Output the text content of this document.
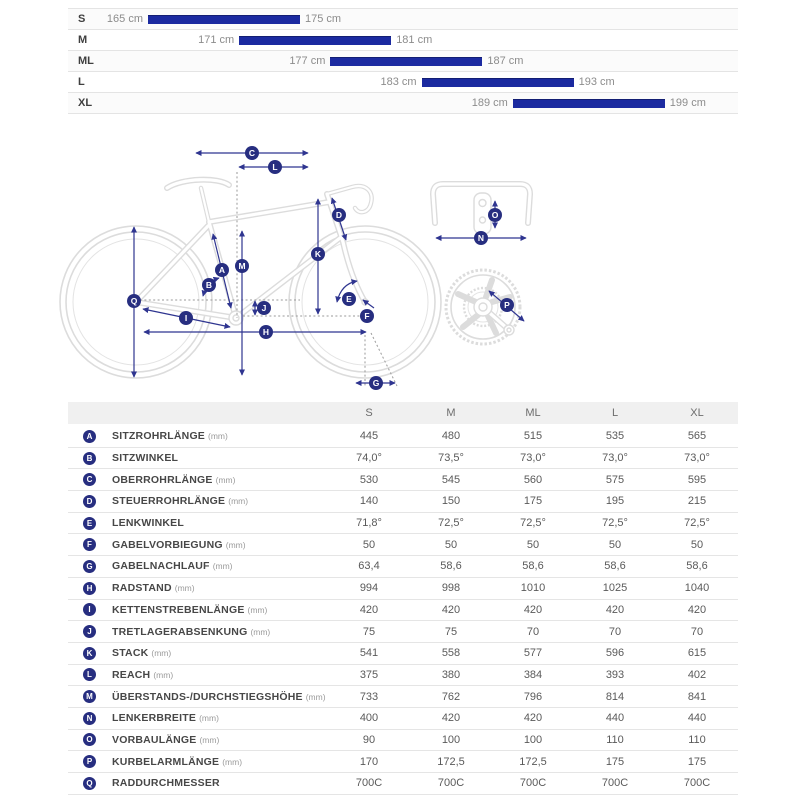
S	165 cm	175 cm
M	171 cm	181 cm
ML	177 cm	187 cm
L	183 cm	193 cm
XL	189 cm	199 cm
C
L
D
A
B
M
K
Q
I
J
H
E
F
G
O
N
P
S	M	ML	L	XL
A	SITZROHRLÄNGE (mm)	445	480	515	535	565
B	SITZWINKEL	74,0°	73,5°	73,0°	73,0°	73,0°
C	OBERROHRLÄNGE (mm)	530	545	560	575	595
D	STEUERROHRLÄNGE (mm)	140	150	175	195	215
E	LENKWINKEL	71,8°	72,5°	72,5°	72,5°	72,5°
F	GABELVORBIEGUNG (mm)	50	50	50	50	50
G	GABELNACHLAUF (mm)	63,4	58,6	58,6	58,6	58,6
H	RADSTAND (mm)	994	998	1010	1025	1040
I	KETTENSTREBENLÄNGE (mm)	420	420	420	420	420
J	TRETLAGERABSENKUNG (mm)	75	75	70	70	70
K	STACK (mm)	541	558	577	596	615
L	REACH (mm)	375	380	384	393	402
M	ÜBERSTANDS-/DURCHSTIEGSHÖHE (mm)	733	762	796	814	841
N	LENKERBREITE (mm)	400	420	420	440	440
O	VORBAULÄNGE (mm)	90	100	100	110	110
P	KURBELARMLÄNGE (mm)	170	172,5	172,5	175	175
Q	RADDURCHMESSER	700C	700C	700C	700C	700C
